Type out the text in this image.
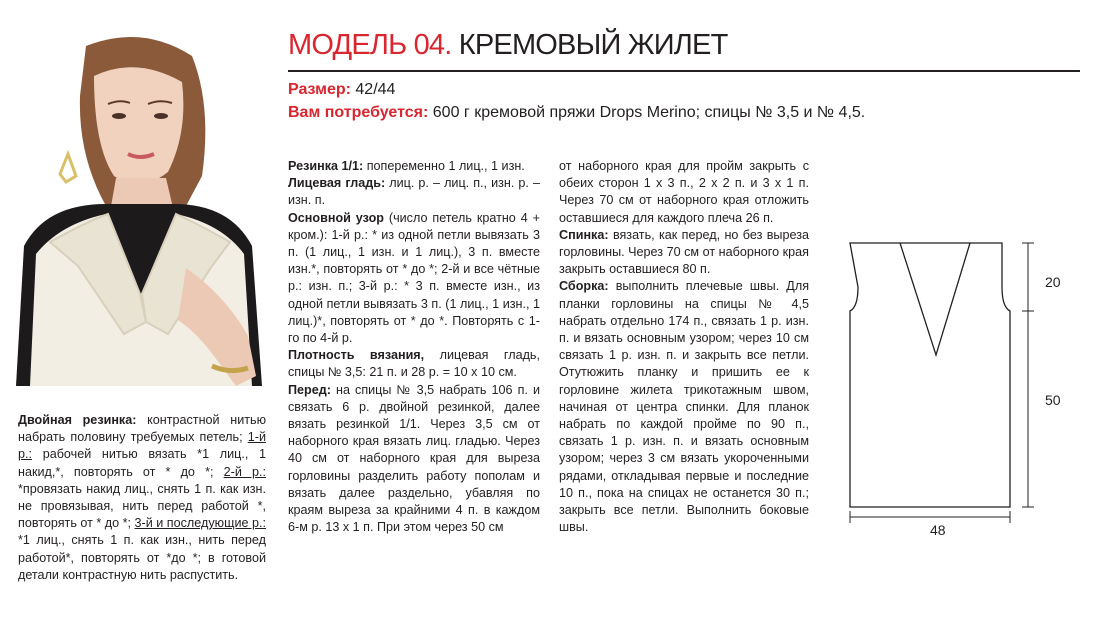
МОДЕЛЬ 04. КРЕМОВЫЙ ЖИЛЕТ
Размер: 42/44
Вам потребуется: 600 г кремовой пряжи Drops Merino; спицы № 3,5 и № 4,5.

Двойная резинка: контрастной нитью набрать половину требуемых петель; 1-й р.: рабочей нитью вязать *1 лиц., 1 накид,*, повторять от * до *; 2-й р.: *провязать накид лиц., снять 1 п. как изн. не провязывая, нить перед работой *, повторять от * до *; 3-й и последующие р.: *1 лиц., снять 1 п. как изн., нить перед работой*, повторять от *до *; в готовой детали контрастную нить распустить.

Резинка 1/1: попеременно 1 лиц., 1 изн.

Лицевая гладь: лиц. р. – лиц. п., изн. р. – изн. п.

Основной узор (число петель кратно 4 + кром.): 1-й р.: * из одной петли вывязать 3 п. (1 лиц., 1 изн. и 1 лиц.), 3 п. вместе изн.*, повторять от * до *; 2-й и все чётные р.: изн. п.; 3-й р.: * 3 п. вместе изн., из одной петли вывязать 3 п. (1 лиц., 1 изн., 1 лиц.)*, повторять от * до *. Повторять с 1-го по 4-й р.

Плотность вязания, лицевая гладь, спицы № 3,5: 21 п. и 28 р. = 10 х 10 см.

Перед: на спицы № 3,5 набрать 106 п. и связать 6 р. двойной резинкой, далее вязать резинкой 1/1. Через 3,5 см от наборного края вязать лиц. гладью. Через 40 см от наборного края для выреза горловины разделить работу пополам и вязать далее раздельно, убавляя по краям выреза за крайними 4 п. в каждом 6-м р. 13 х 1 п. При этом через 50 см

от наборного края для пройм закрыть с обеих сторон 1 х 3 п., 2 х 2 п. и 3 х 1 п. Через 70 см от наборного края отложить оставшиеся для каждого плеча 26 п.

Спинка: вязать, как перед, но без выреза горловины. Через 70 см от наборного края закрыть оставшиеся 80 п.

Сборка: выполнить плечевые швы. Для планки горловины на спицы № 4,5 набрать отдельно 174 п., связать 1 р. изн. п. и вязать основным узором; через 10 см связать 1 р. изн. п. и закрыть все петли. Отутюжить планку и пришить ее к горловине жилета трикотажным швом, начиная от центра спинки. Для планок набрать по каждой пройме по 90 п., связать 1 р. изн. п. и вязать основным узором; через 3 см вязать укороченными рядами, откладывая первые и последние 10 п., пока на спицах не останется 30 п.; закрыть все петли. Выполнить боковые швы.

20
50
48
